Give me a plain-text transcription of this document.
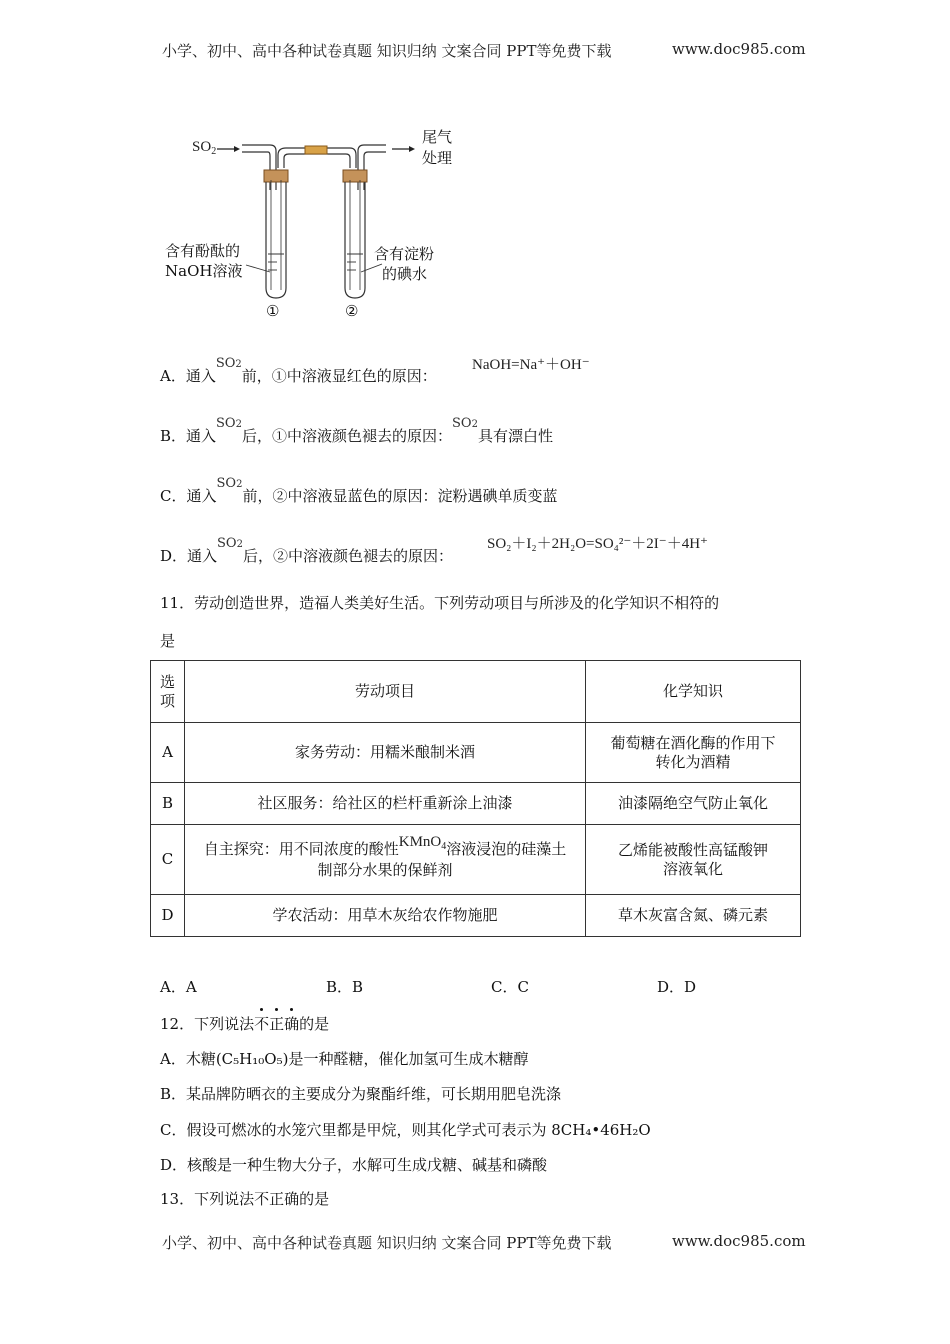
小学、初中、高中各种试卷真题 知识归纳 文案合同 PPT等免费下载	www.doc985.com
$SO_2$
尾气
处理
含有酚酞的
NaOH溶液
含有淀粉
的碘水
①	②
A．通入SO2前，①中溶液显红色的原因：
NaOH=Na⁺＋OH⁻
B．通入SO2后，①中溶液颜色褪去的原因：SO2具有漂白性
C．通入SO2前，②中溶液显蓝色的原因：淀粉遇碘单质变蓝
D．通入SO2后，②中溶液颜色褪去的原因：
SO₂＋I₂＋2H₂O=SO₄²⁻＋2I⁻＋4H⁺
11．劳动创造世界，造福人类美好生活。下列劳动项目与所涉及的化学知识不相符的
是
选项	劳动项目	化学知识
A	家务劳动：用糯米酿制米酒	葡萄糖在酒化酶的作用下转化为酒精

B	社区服务：给社区的栏杆重新涂上油漆	油漆隔绝空气防止氧化
C	自主探究：用不同浓度的酸性KMnO$_4$溶液浸泡的硅藻土制部分水果的保鲜剂	乙烯能被酸性高锰酸钾溶液氧化

D	学农活动：用草木灰给农作物施肥	草木灰富含氮、磷元素
A．A	B．B	C．C	D．D
12．下列说法不正确
的是
A．木糖(C₅H₁₀O₅)是一种醛糖，催化加氢可生成木糖醇
B．某品牌防晒衣的主要成分为聚酯纤维，可长期用肥皂洗涤
C．假设可燃冰的水笼穴里都是甲烷，则其化学式可表示为 8CH₄•46H₂O
D．核酸是一种生物大分子，水解可生成戊糖、碱基和磷酸
13．下列说法不正确的是
小学、初中、高中各种试卷真题 知识归纳 文案合同 PPT等免费下载	www.doc985.com
